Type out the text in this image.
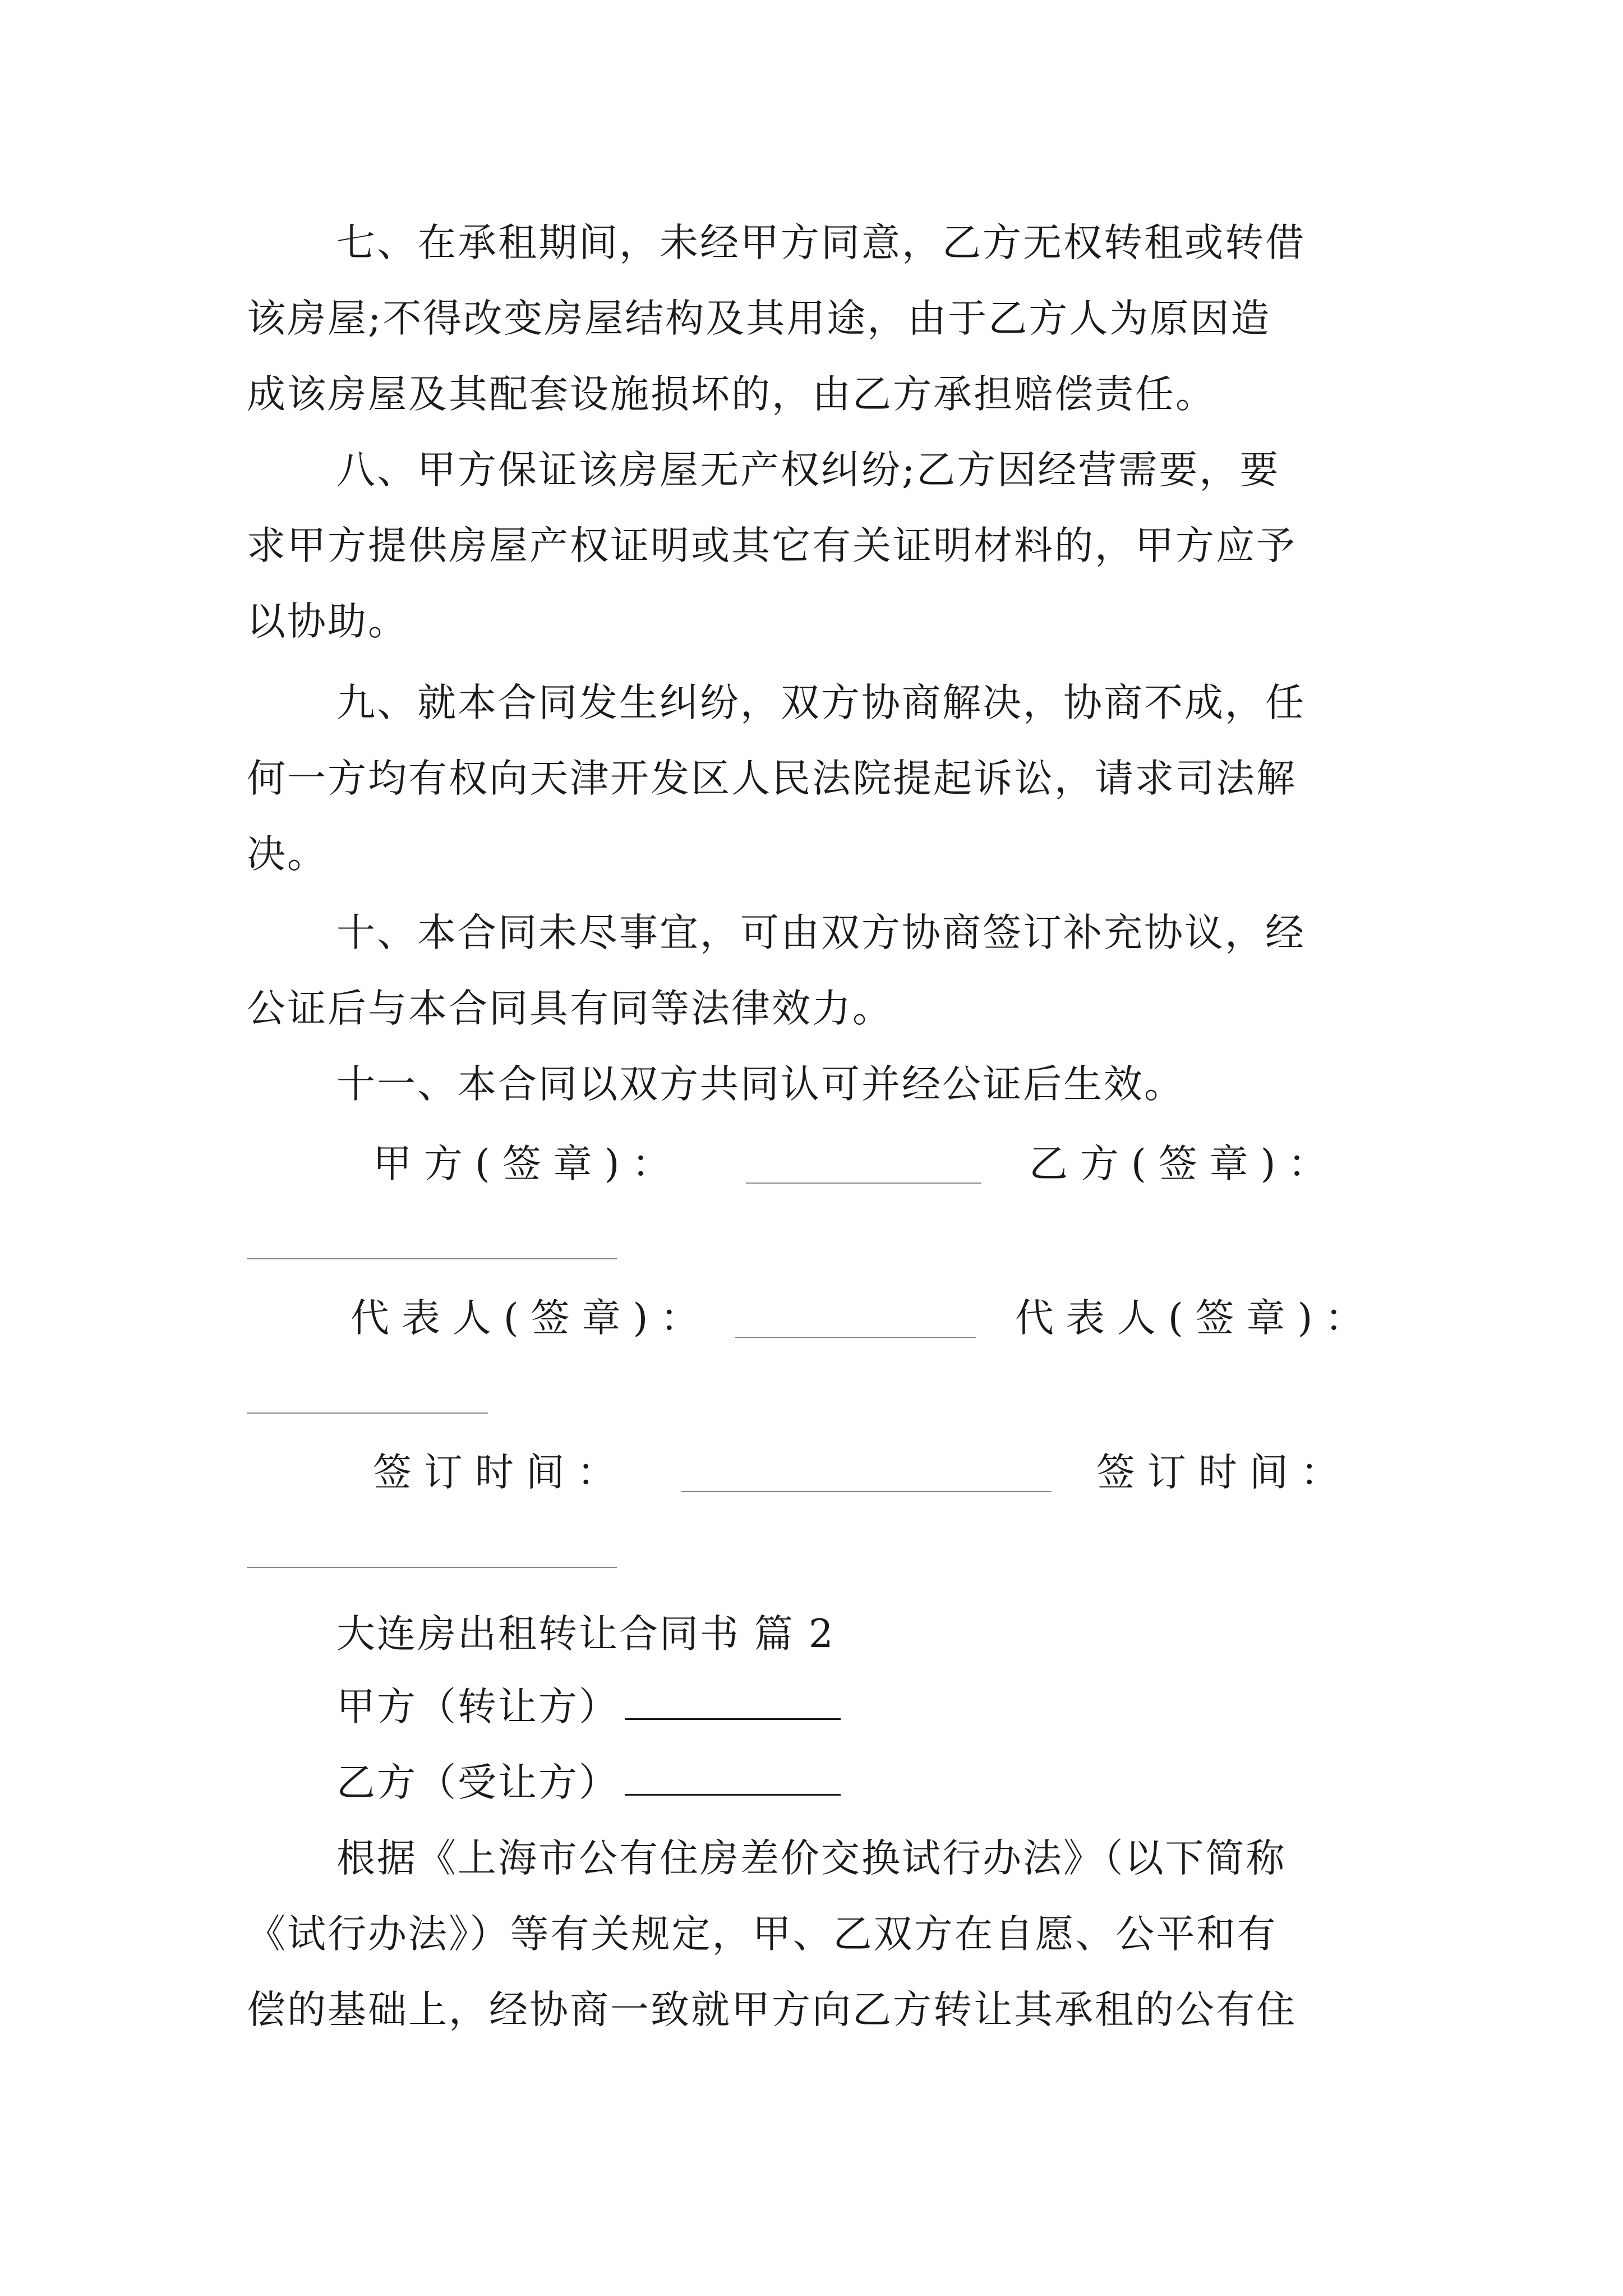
七、在承租期间，未经甲方同意，乙方无权转租或转借
该房屋;不得改变房屋结构及其用途，由于乙方人为原因造
成该房屋及其配套设施损坏的，由乙方承担赔偿责任。
八、甲方保证该房屋无产权纠纷;乙方因经营需要，要
求甲方提供房屋产权证明或其它有关证明材料的，甲方应予
以协助。
九、就本合同发生纠纷，双方协商解决，协商不成，任
何一方均有权向天津开发区人民法院提起诉讼，请求司法解
决。
十、本合同未尽事宜，可由双方协商签订补充协议，经
公证后与本合同具有同等法律效力。
十一、本合同以双方共同认可并经公证后生效。
甲 方 ( 签 章 ) ：	乙 方 ( 签 章 ) ：
代 表 人 ( 签 章 ) ：	代 表 人 ( 签 章 ) ：
签 订 时 间 ：	签 订 时 间 ：
大连房出租转让合同书 篇 2
甲方（转让方）
乙方（受让方）
根据《上海市公有住房差价交换试行办法》（以下简称
《试行办法》）等有关规定，甲、乙双方在自愿、公平和有
偿的基础上，经协商一致就甲方向乙方转让其承租的公有住
